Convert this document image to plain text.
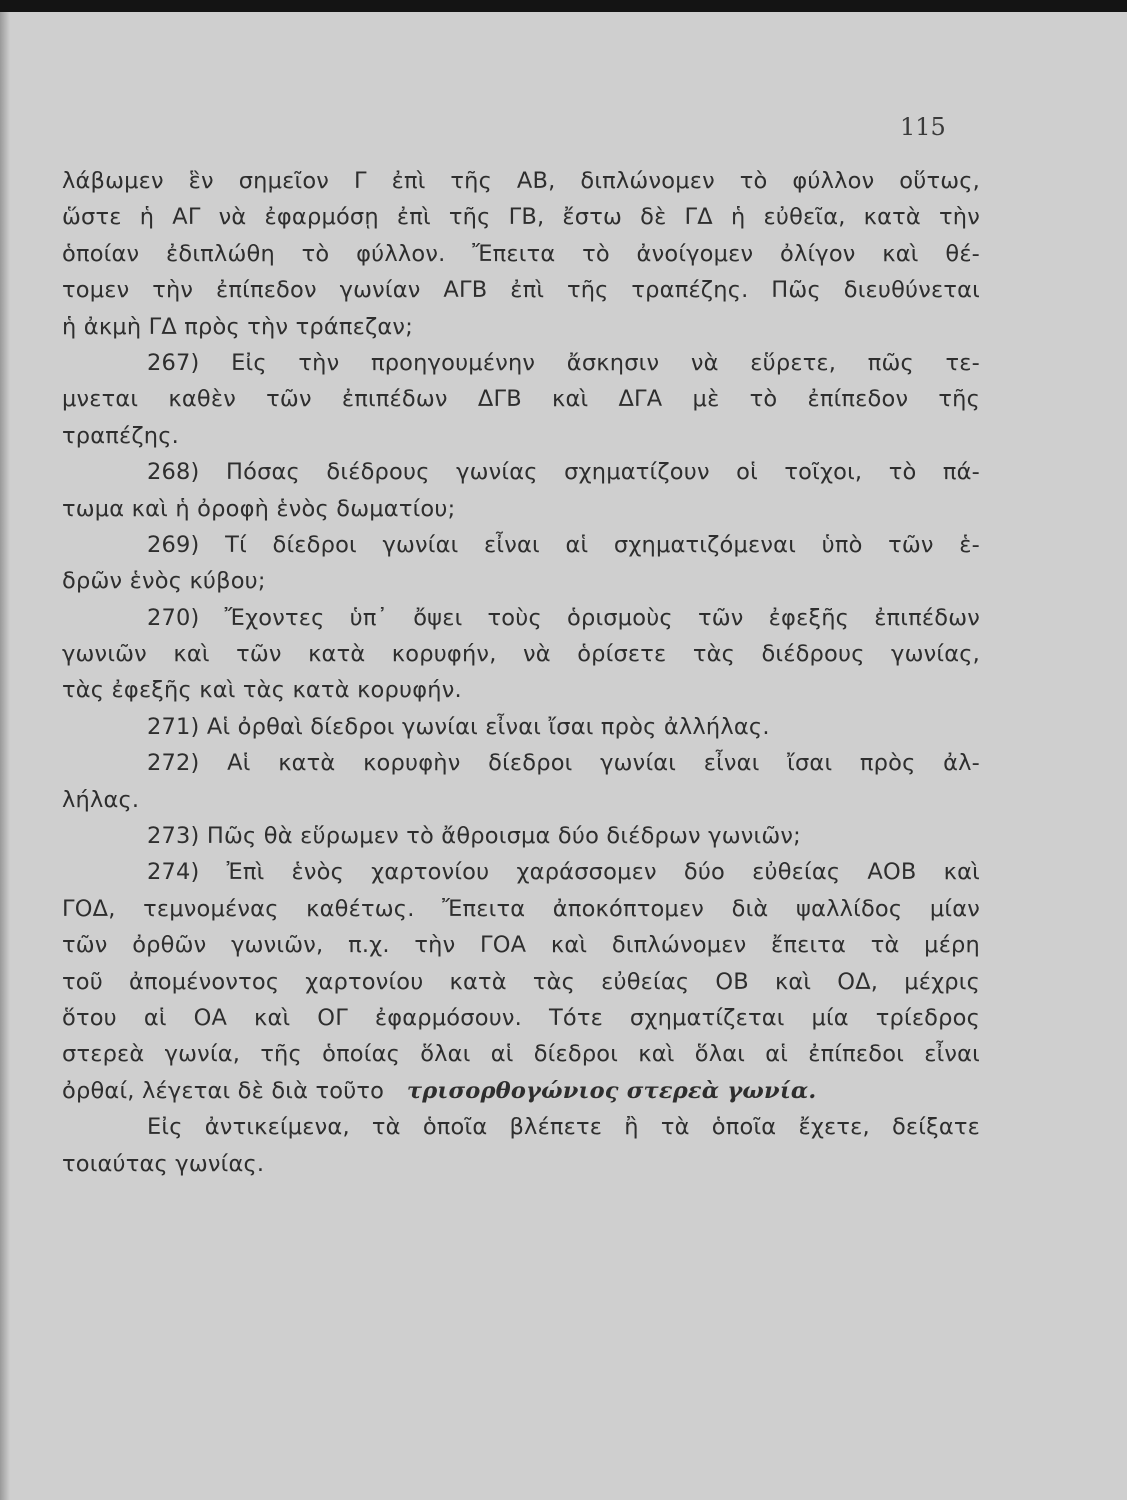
115
λάβωμεν ἓν σημεῖον Γ ἐπὶ τῆς ΑΒ, διπλώνομεν τὸ φύλλον οὕτως,
ὥστε ἡ ΑΓ νὰ ἐφαρμόσῃ ἐπὶ τῆς ΓΒ, ἔστω δὲ ΓΔ ἡ εὐθεῖα, κατὰ τὴν
ὁποίαν ἐδιπλώθη τὸ φύλλον. Ἔπειτα τὸ ἀνοίγομεν ὀλίγον καὶ θέ-
τομεν τὴν ἐπίπεδον γωνίαν ΑΓΒ ἐπὶ τῆς τραπέζης. Πῶς διευθύνεται
ἡ ἀκμὴ ΓΔ πρὸς τὴν τράπεζαν;
267) Εἰς τὴν προηγουμένην ἄσκησιν νὰ εὕρετε, πῶς τε-
μνεται καθὲν τῶν ἐπιπέδων ΔΓΒ καὶ ΔΓΑ μὲ τὸ ἐπίπεδον τῆς
τραπέζης.
268) Πόσας διέδρους γωνίας σχηματίζουν οἱ τοῖχοι, τὸ πά-
τωμα καὶ ἡ ὀροφὴ ἑνὸς δωματίου;
269) Τί δίεδροι γωνίαι εἶναι αἱ σχηματιζόμεναι ὑπὸ τῶν ἑ-
δρῶν ἑνὸς κύβου;
270) Ἔχοντες ὑπ᾿ ὄψει τοὺς ὁρισμοὺς τῶν ἐφεξῆς ἐπιπέδων
γωνιῶν καὶ τῶν κατὰ κορυφήν, νὰ ὁρίσετε τὰς διέδρους γωνίας,
τὰς ἐφεξῆς καὶ τὰς κατὰ κορυφήν.
271) Αἱ ὀρθαὶ δίεδροι γωνίαι εἶναι ἴσαι πρὸς ἀλλήλας.
272) Αἱ κατὰ κορυφὴν δίεδροι γωνίαι εἶναι ἴσαι πρὸς ἀλ-
λήλας.
273) Πῶς θὰ εὕρωμεν τὸ ἄθροισμα δύο διέδρων γωνιῶν;
274) Ἐπὶ ἑνὸς χαρτονίου χαράσσομεν δύο εὐθείας ΑΟΒ καὶ
ΓΟΔ, τεμνομένας καθέτως. Ἔπειτα ἀποκόπτομεν διὰ ψαλλίδος μίαν
τῶν ὀρθῶν γωνιῶν, π.χ. τὴν ΓΟΑ καὶ διπλώνομεν ἔπειτα τὰ μέρη
τοῦ ἀπομένοντος χαρτονίου κατὰ τὰς εὐθείας ΟΒ καὶ ΟΔ, μέχρις
ὅτου αἱ ΟΑ καὶ ΟΓ ἐφαρμόσουν. Τότε σχηματίζεται μία τρίεδρος
στερεὰ γωνία, τῆς ὁποίας ὅλαι αἱ δίεδροι καὶ ὅλαι αἱ ἐπίπεδοι εἶναι
ὀρθαί, λέγεται δὲ διὰ τοῦτο  τρισορθογώνιος στερεὰ γωνία.
Εἰς ἀντικείμενα, τὰ ὁποῖα βλέπετε ἢ τὰ ὁποῖα ἔχετε, δείξατε
τοιαύτας γωνίας.
